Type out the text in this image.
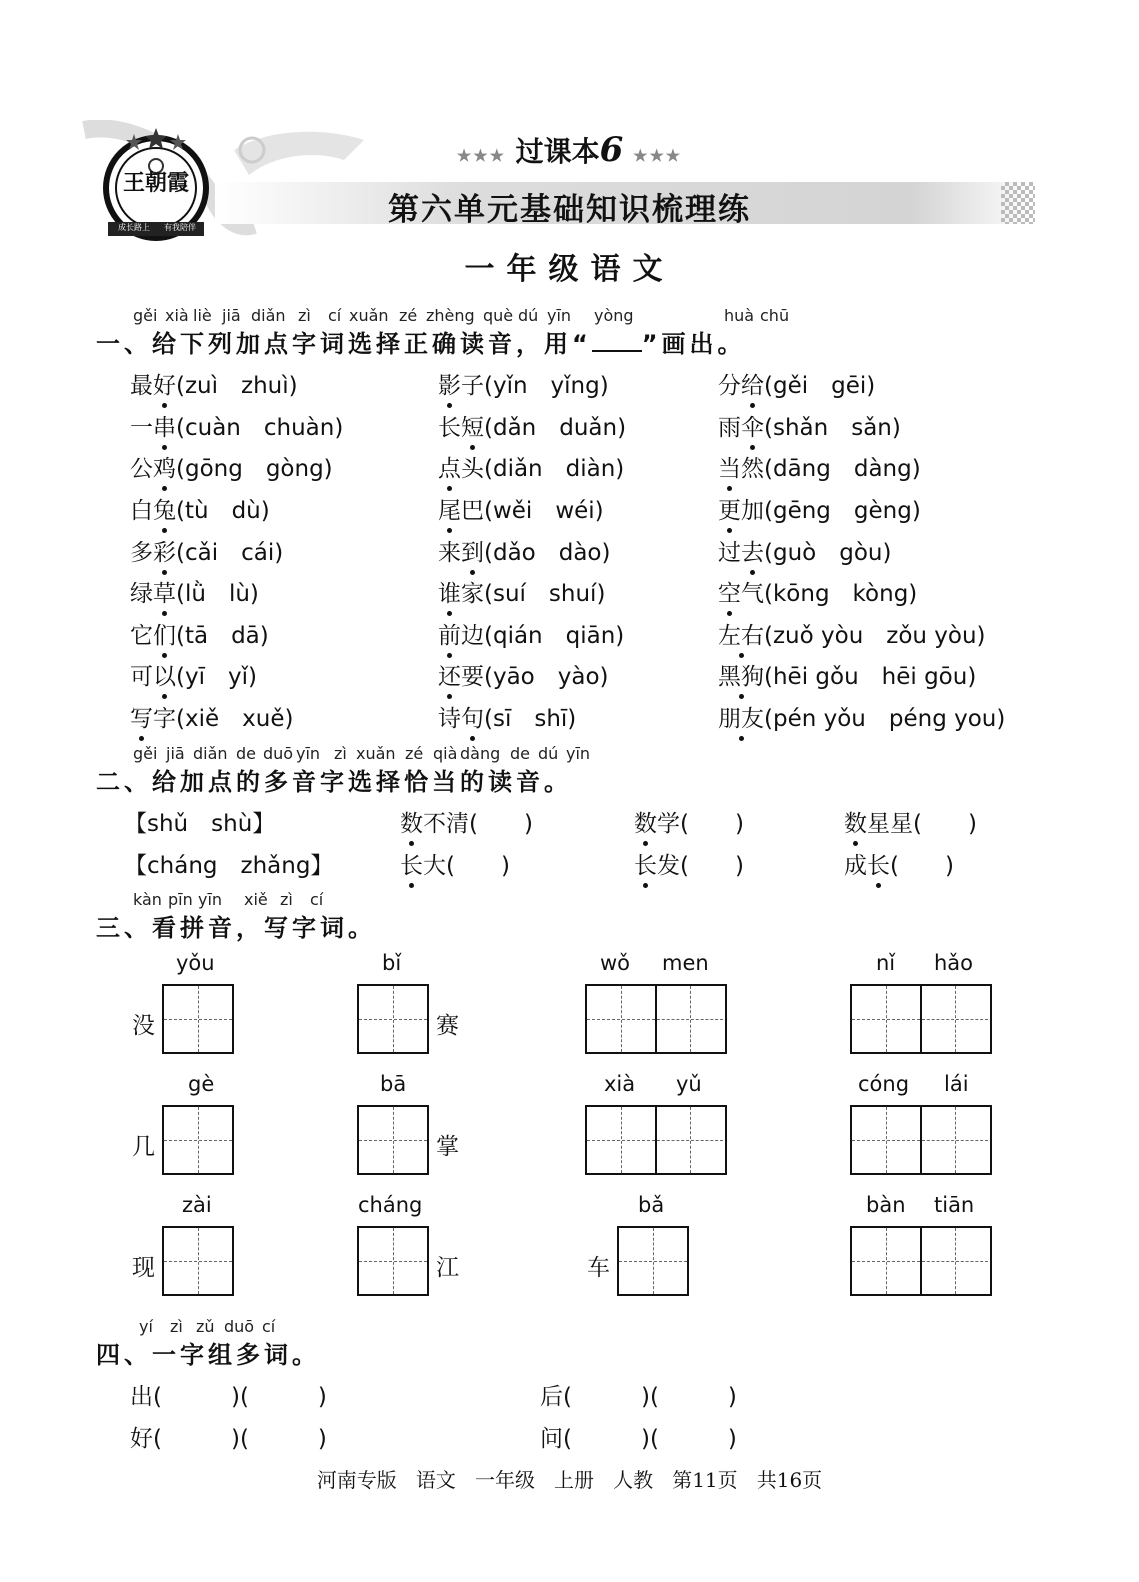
王朝霞
成长路上	有我陪伴
★★★ 过课本6 ★★★
第六单元基础知识梳理练
一年级语文
gěi xià liè jiā diǎn zì cí xuǎn zé zhèng què dú yīn yòng	huà chū
一、给下列加点字词选择正确读音，用“ ”画出。
最好(zuì　zhuì)	影子(yǐn　yǐng)	分给(gěi　gēi)
一串(cuàn　chuàn)	长短(dǎn　duǎn)	雨伞(shǎn　sǎn)
公鸡(gōng　gòng)	点头(diǎn　diàn)	当然(dāng　dàng)
白兔(tù　dù)	尾巴(wěi　wéi)	更加(gēng　gèng)
多彩(cǎi　cái)	来到(dǎo　dào)	过去(guò　gòu)
绿草(lǜ　lù)	谁家(suí　shuí)	空气(kōng　kòng)
它们(tā　dā)	前边(qián　qiān)	左右(zuǒ yòu　zǒu yòu)
可以(yī　yǐ)	还要(yāo　yào)	黑狗(hēi gǒu　hēi gōu)
写字(xiě　xuě)	诗句(sī　shī)	朋友(pén yǒu　péng you)
gěi jiā diǎn de duō yīn zì xuǎn zé qià dàng de dú yīn
二、给加点的多音字选择恰当的读音。
【shǔ　shù】	数不清(　　)	数学(　　)	数星星(　　)
【cháng　zhǎng】	长大(　　)	长发(　　)	成长(　　)
kàn pīn yīn xiě zì cí
三、看拼音，写字词。
yǒu
没
bǐ
赛
wǒ men	nǐ hǎo
gè
几
bā
掌
xià yǔ	cóng lái
zài
现
cháng
江
bǎ
车
bàn tiān
yí zì zǔ duō cí
四、一字组多词。
出(　　　)(　　　)	后(　　　)(　　　)
好(　　　)(　　　)	问(　　　)(　　　)
河南专版 语文 一年级 上册 人教 第11页 共16页
